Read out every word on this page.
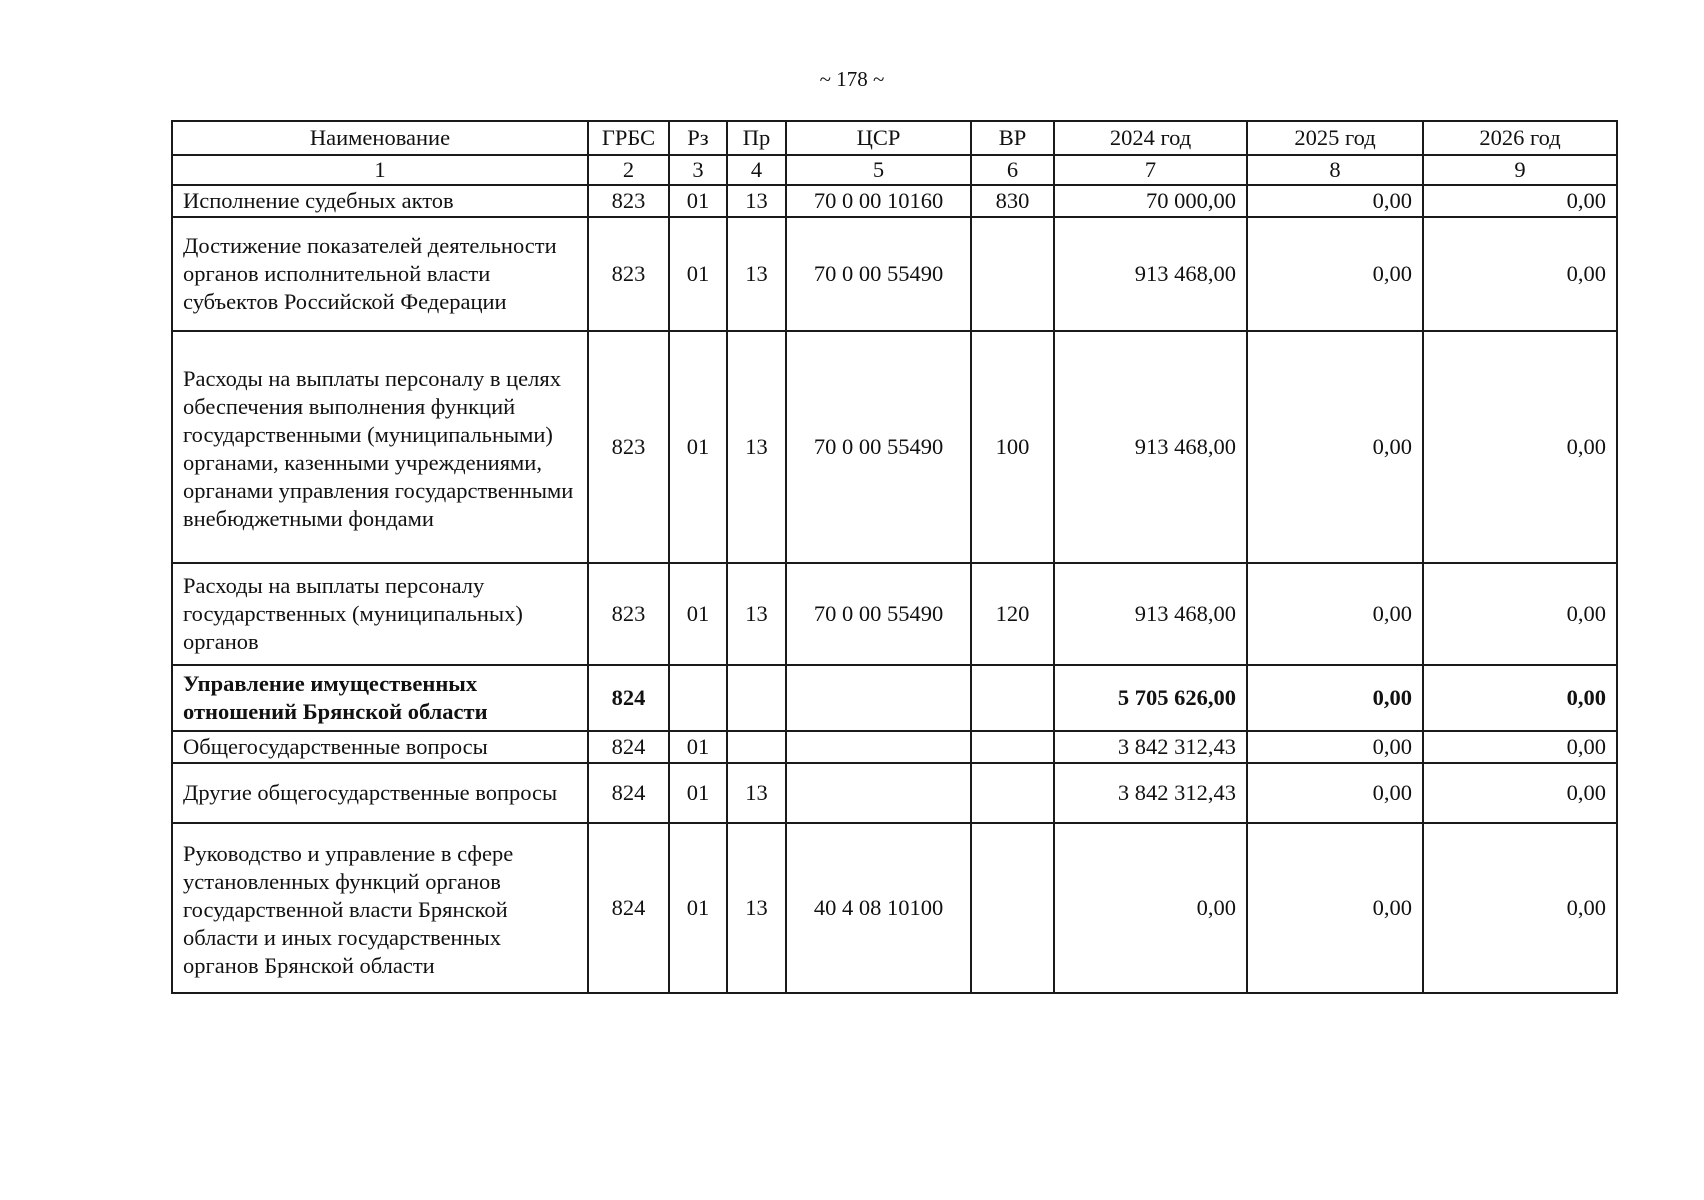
~ 178 ~
Наименование	ГРБС	Рз	Пр	ЦСР	ВР	2024 год	2025 год	2026 год
1	2	3	4	5	6	7	8	9
Исполнение судебных актов	823	01	13	70 0 00 10160	830	70 000,00	0,00	0,00
Достижение показателей деятельности органов исполнительной власти субъектов Российской Федерации	823	01	13	70 0 00 55490		913 468,00	0,00	0,00
Расходы на выплаты персоналу в целях обеспечения выполнения функций государственными (муниципальными) органами, казенными учреждениями, органами управления государственными внебюджетными фондами	823	01	13	70 0 00 55490	100	913 468,00	0,00	0,00
Расходы на выплаты персоналу государственных (муниципальных) органов	823	01	13	70 0 00 55490	120	913 468,00	0,00	0,00
Управление имущественных отношений Брянской области	824					5 705 626,00	0,00	0,00
Общегосударственные вопросы	824	01				3 842 312,43	0,00	0,00
Другие общегосударственные вопросы	824	01	13			3 842 312,43	0,00	0,00
Руководство и управление в сфере установленных функций органов государственной власти Брянской области и иных государственных органов Брянской области	824	01	13	40 4 08 10100		0,00	0,00	0,00
